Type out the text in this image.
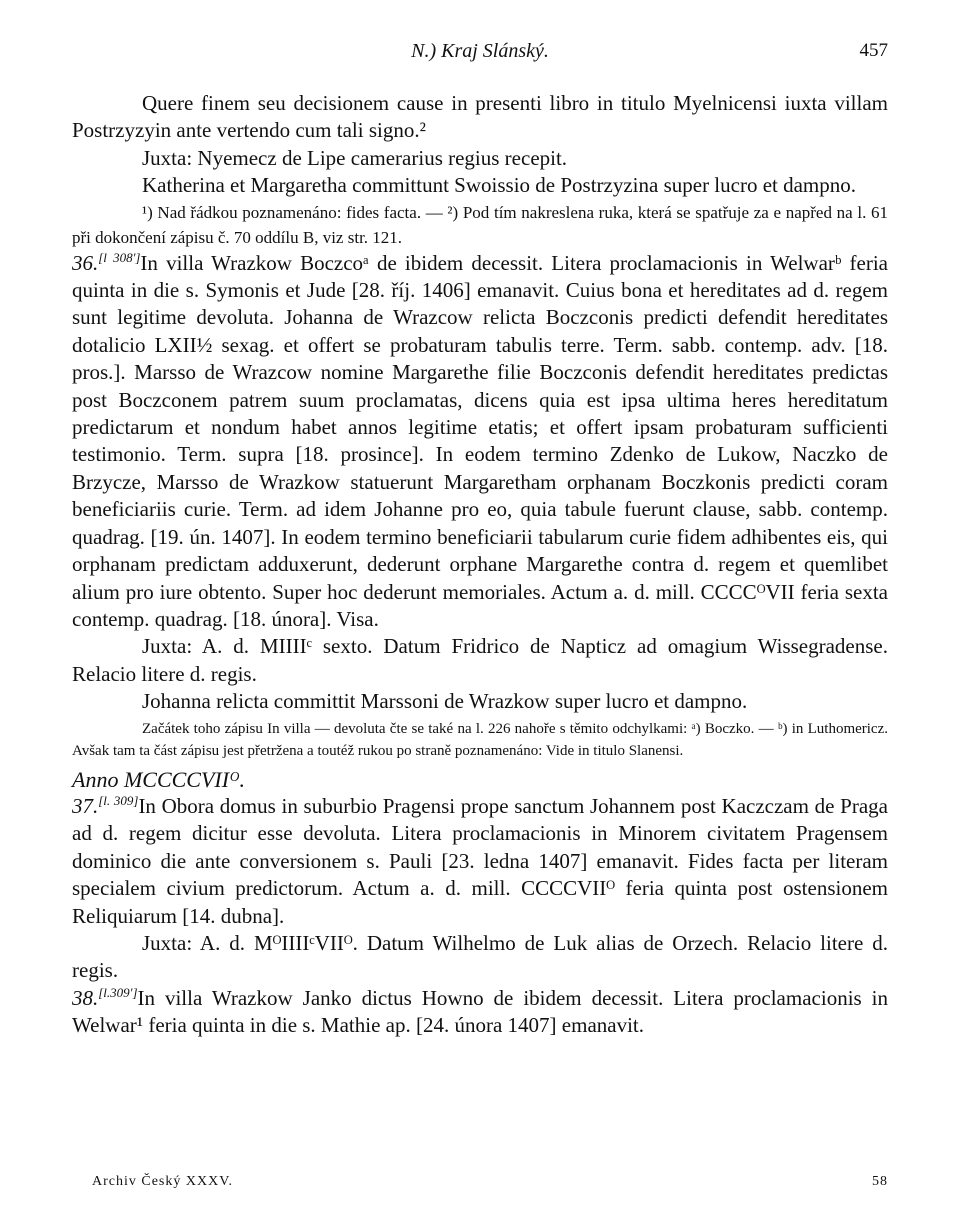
N.) Kraj Slánský.	457

Quere finem seu decisionem cause in presenti libro in titulo Myelnicensi iuxta villam Postrzyzyin ante vertendo cum tali signo.²

Juxta: Nyemecz de Lipe camerarius regius recepit.

Katherina et Margaretha committunt Swoissio de Postrzyzina super lucro et dampno.

¹) Nad řádkou poznamenáno: fides facta. — ²) Pod tím nakreslena ruka, která se spatřuje za e napřed na l. 61 při dokončení zápisu č. 70 oddílu B, viz str. 121.

36.[l 308']In villa Wrazkow Boczcoᵃ de ibidem decessit. Litera proclamacionis in Welwarᵇ feria quinta in die s. Symonis et Jude [28. říj. 1406] emanavit. Cuius bona et hereditates ad d. regem sunt legitime devoluta. Johanna de Wrazcow relicta Boczconis predicti defendit hereditates dotalicio LXII½ sexag. et offert se probaturam tabulis terre. Term. sabb. contemp. adv. [18. pros.]. Marsso de Wrazcow nomine Margarethe filie Boczconis defendit hereditates predictas post Boczconem patrem suum proclamatas, dicens quia est ipsa ultima heres hereditatum predictarum et nondum habet annos legitime etatis; et offert ipsam probaturam sufficienti testimonio. Term. supra [18. prosince]. In eodem termino Zdenko de Lukow, Naczko de Brzycze, Marsso de Wrazkow statuerunt Margaretham orphanam Boczkonis predicti coram beneficiariis curie. Term. ad idem Johanne pro eo, quia tabule fuerunt clause, sabb. contemp. quadrag. [19. ún. 1407]. In eodem termino beneficiarii tabularum curie fidem adhibentes eis, qui orphanam predictam adduxerunt, dederunt orphane Margarethe contra d. regem et quemlibet alium pro iure obtento. Super hoc dederunt memoriales. Actum a. d. mill. CCCCᴼVII feria sexta contemp. quadrag. [18. února]. Visa.

Juxta: A. d. MIIIIᶜ sexto. Datum Fridrico de Napticz ad omagium Wissegradense. Relacio litere d. regis.

Johanna relicta committit Marssoni de Wrazkow super lucro et dampno.

Začátek toho zápisu In villa — devoluta čte se také na l. 226 nahoře s těmito odchylkami: ᵃ) Boczko. — ᵇ) in Luthomericz. Avšak tam ta část zápisu jest přetržena a toutéž rukou po straně poznamenáno: Vide in titulo Slanensi.

Anno MCCCCVIIᴼ.

37.[l. 309]In Obora domus in suburbio Pragensi prope sanctum Johannem post Kaczczam de Praga ad d. regem dicitur esse devoluta. Litera proclamacionis in Minorem civitatem Pragensem dominico die ante conversionem s. Pauli [23. ledna 1407] emanavit. Fides facta per literam specialem civium predictorum. Actum a. d. mill. CCCCVIIᴼ feria quinta post ostensionem Reliquiarum [14. dubna].

Juxta: A. d. MᴼIIIIᶜVIIᴼ. Datum Wilhelmo de Luk alias de Orzech. Relacio litere d. regis.

38.[l.309']In villa Wrazkow Janko dictus Howno de ibidem decessit. Litera proclamacionis in Welwar¹ feria quinta in die s. Mathie ap. [24. února 1407] emanavit.

Archiv Český XXXV.	58
